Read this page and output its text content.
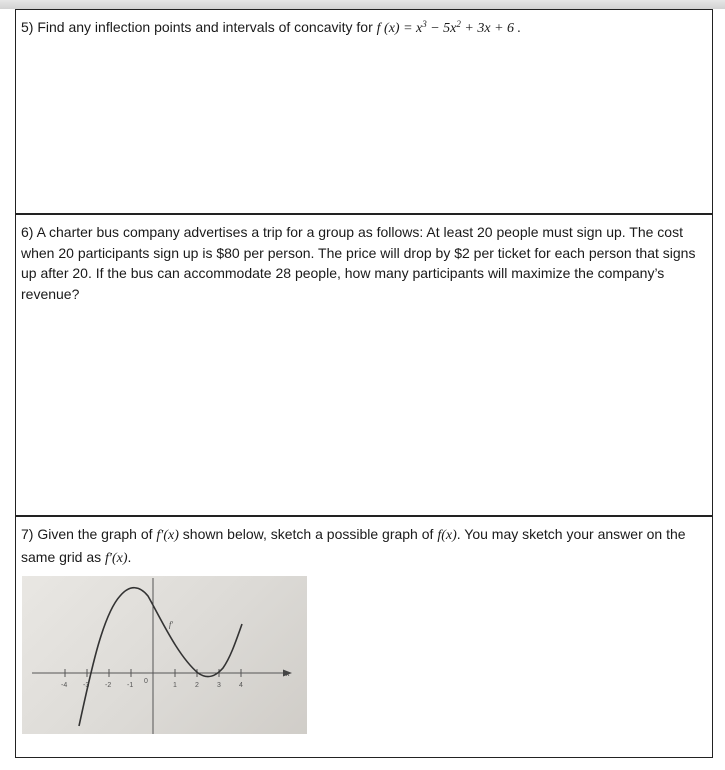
5) Find any inflection points and intervals of concavity for f $(x) = x^3 - 5x^2 + 3x + 6$ .
6) A charter bus company advertises a trip for a group as follows: At least 20 people must sign up. The cost when 20 participants sign up is $80 per person. The price will drop by $2 per ticket for each person that signs up after 20. If the bus can accommodate 28 people, how many participants will maximize the company’s revenue?
7) Given the graph of f′(x) shown below, sketch a possible graph of f(x). You may sketch your answer on the same grid as f′(x).
x
0
-4 -3 -2 -1	1	2	3	4
f′
